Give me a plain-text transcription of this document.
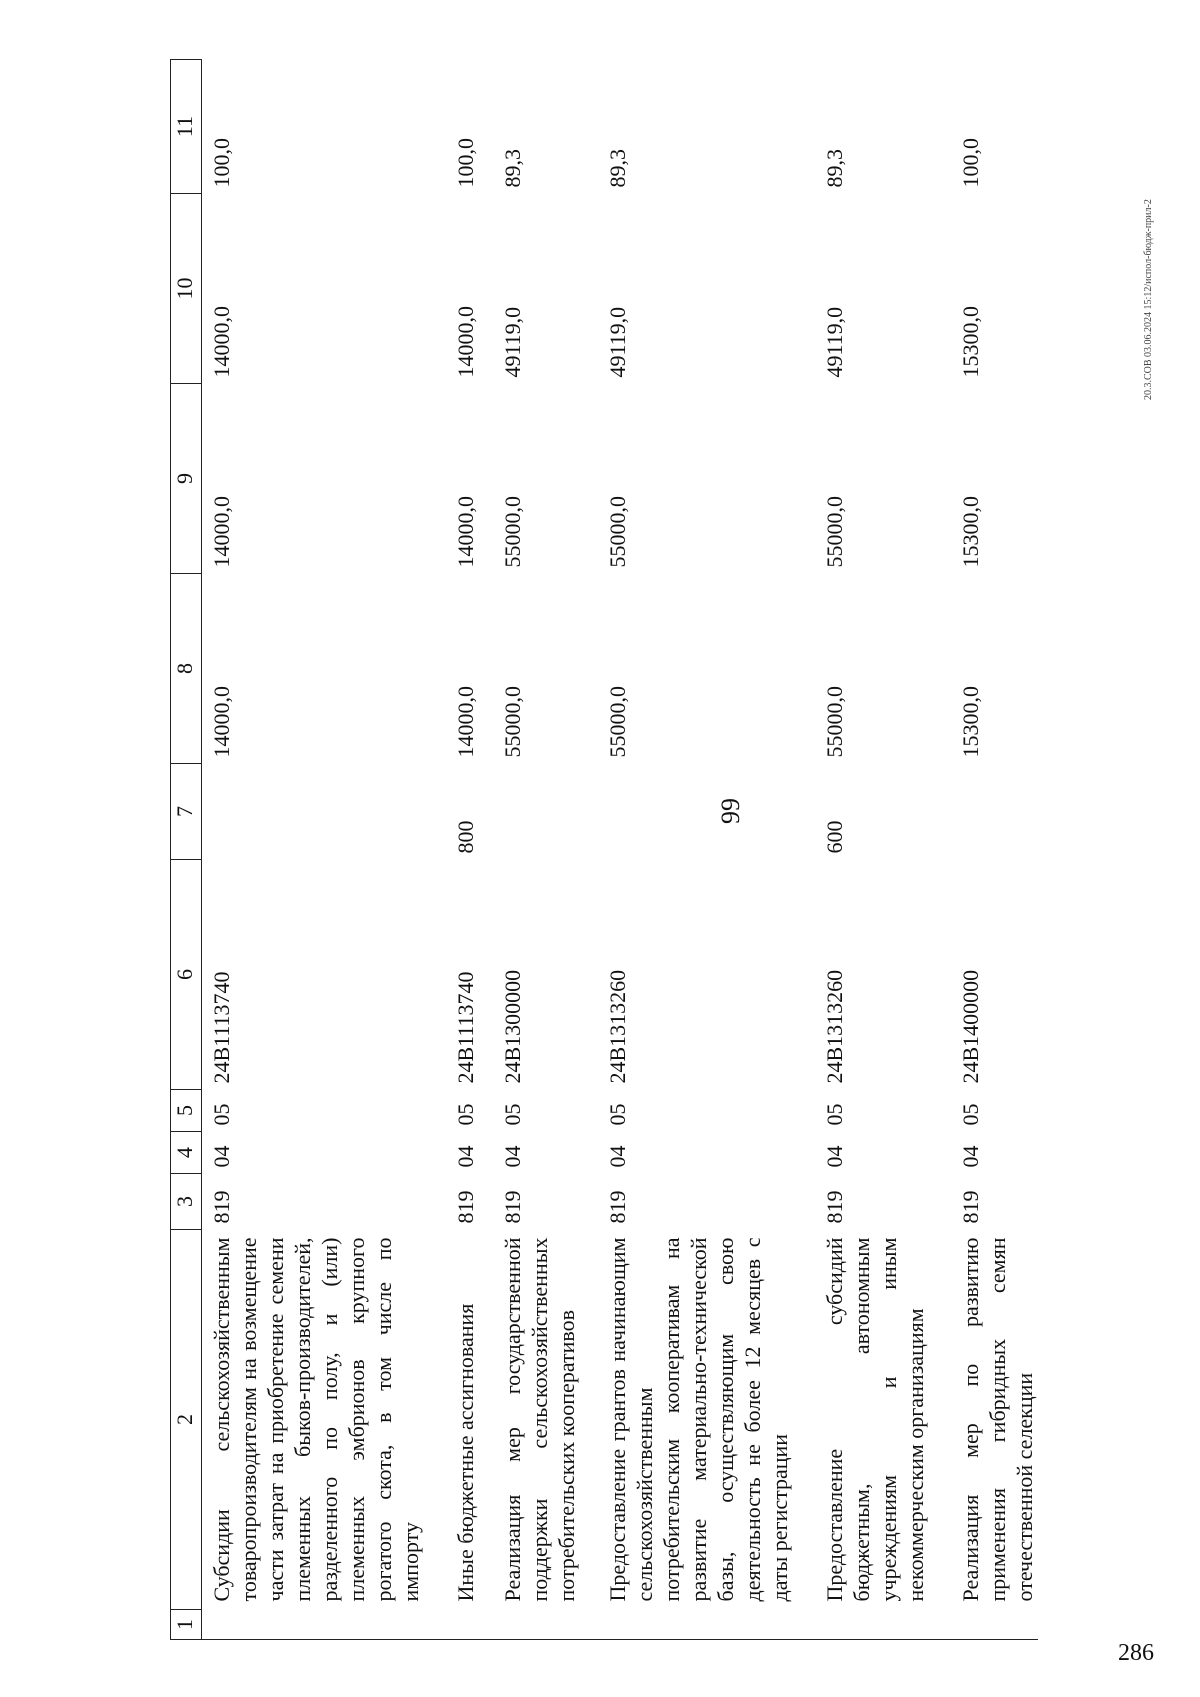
99
1	2	3	4	5	6	7	8	9	10	11
	Субсидии сельскохозяйственным товаропроизводителям на возмещение части затрат на приобретение семени племенных быков-производителей, разделенного по полу, и (или) племенных эмбрионов крупного рогатого скота, в том числе по импорту	819	04	05	24В1113740		14000,0	14000,0	14000,0	100,0
	Иные бюджетные ассигнования	819	04	05	24В1113740	800	14000,0	14000,0	14000,0	100,0
	Реализация мер государственной поддержки сельскохозяйственных потребительских кооперативов	819	04	05	24В1300000		55000,0	55000,0	49119,0	89,3
	Предоставление грантов начинающим сельскохозяйственным потребительским кооперативам на развитие материально-технической базы, осуществляющим свою деятельность не более 12 месяцев с даты регистрации	819	04	05	24В1313260		55000,0	55000,0	49119,0	89,3
	Предоставление субсидий бюджетным, автономным учреждениям и иным некоммерческим организациям	819	04	05	24В1313260	600	55000,0	55000,0	49119,0	89,3
	Реализация мер по развитию применения гибридных семян отечественной селекции	819	04	05	24В1400000		15300,0	15300,0	15300,0	100,0
20.3.СОВ 03.06.2024 15:12/испол-бюдж-прил-2
286
